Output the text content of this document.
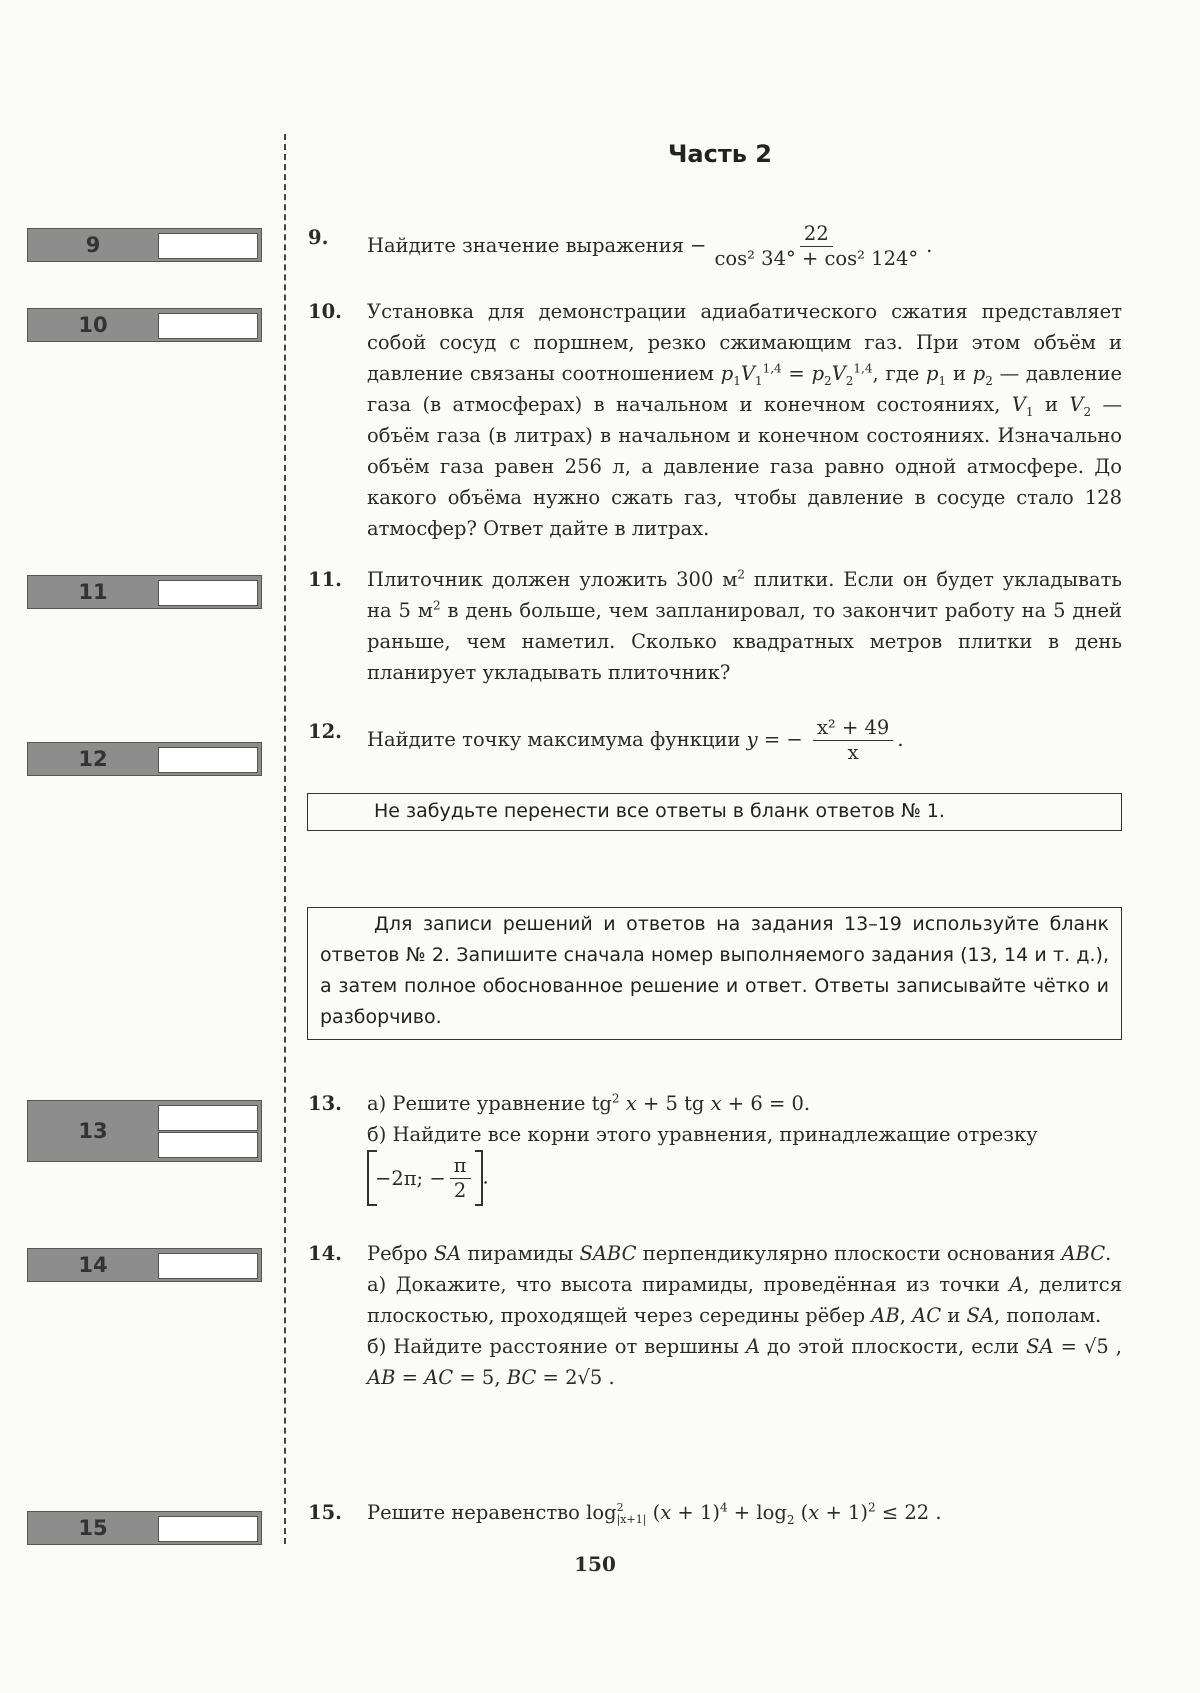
Часть 2
9
10
11
12
13
14
15
9. Найдите значение выражения − $\frac{22}{\text{cos² 34° + cos² 124°}}$ .

10. Установка для демонстрации адиабатического сжатия представляет собой сосуд с поршнем, резко сжимающим газ. При этом объём и давление связаны соотношением $p_1V_1^{1,4} = p_2V_2^{1,4}$, где $p_1$ и $p_2$ — давление газа (в атмосферах) в начальном и конечном состояниях, $V_1$ и $V_2$ — объём газа (в литрах) в начальном и конечном состояниях. Изначально объём газа равен 256 л, а давление газа равно одной атмосфере. До какого объёма нужно сжать газ, чтобы давление в сосуде стало 128 атмосфер? Ответ дайте в литрах.

11. Плиточник должен уложить 300 $м^2$ плитки. Если он будет укладывать на 5 $м^2$ в день больше, чем запланировал, то закончит работу на 5 дней раньше, чем наметил. Сколько квадратных метров плитки в день планирует укладывать плиточник?

12. Найдите точку максимума функции y = − $\frac{\text{x² + 49}}{x}$ .

13. а) Решите уравнение $tg^2$ x + 5 tg x + 6 = 0.

б) Найдите все корни этого уравнения, принадлежащие отрезку

−2π; − $\frac{\pi}{2}$ .

14. Ребро SA пирамиды SABC перпендикулярно плоскости основания ABC.

а) Докажите, что высота пирамиды, проведённая из точки A, делится плоскостью, проходящей через середины рёбер AB, AC и SA, пополам.

б) Найдите расстояние от вершины A до этой плоскости, если SA = √5 , AB = AC = 5, BC = 2√5 .

15. Решите неравенство log 2
|x+1| $(x + 1)^4 + \log_2 (x + 1)^2 \le 22$ .

Не забудьте перенести все ответы в бланк ответов № 1.
Для записи решений и ответов на задания 13–19 используйте бланк ответов № 2. Запишите сначала номер выполняемого задания (13, 14 и т. д.), а затем полное обоснованное решение и ответ. Ответы записывайте чётко и разборчиво.
150
